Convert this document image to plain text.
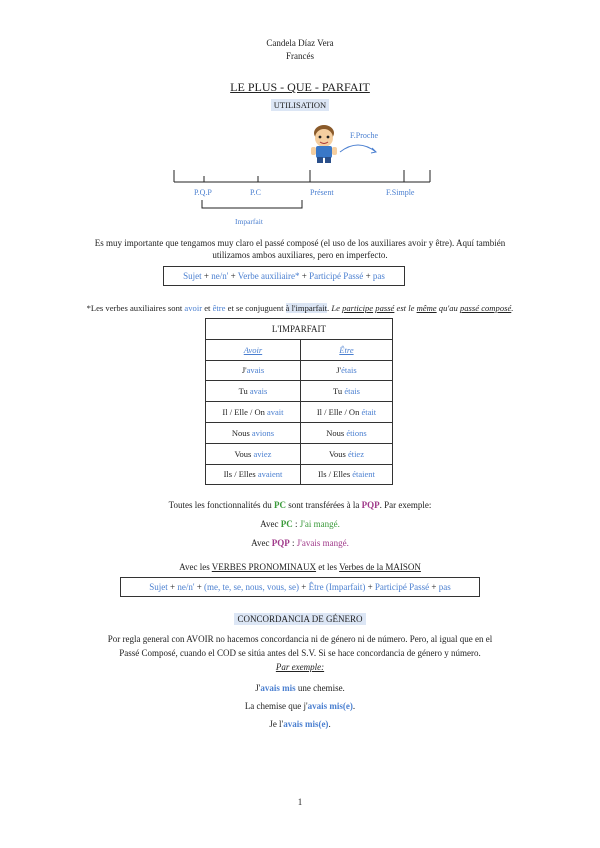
Candela Díaz Vera
Francés
LE PLUS - QUE - PARFAIT
UTILISATION
F.Proche
P.Q.P	P.C	Présent	F.Simple
Imparfait
Es muy importante que tengamos muy claro el passé composé (el uso de los auxiliares avoir y être). Aquí también
utilizamos ambos auxiliares, pero en imperfecto.
Sujet + ne/n' + Verbe auxiliaire* + Participé Passé + pas
*Les verbes auxiliaires sont avoir et être et se conjuguent à l'imparfait. Le participe passé est le même qu'au passé composé.
L'IMPARFAIT	
Avoir	Être
J'avais	J'étais
Tu avais	Tu étais
Il / Elle / On avait	Il / Elle / On était
Nous avions	Nous étions
Vous aviez	Vous étiez
Ils / Elles avaient	Ils / Elles étaient
Toutes les fonctionnalités du PC sont transférées à la PQP. Par exemple:
Avec PC : J'ai mangé.
Avec PQP : J'avais mangé.
Avec les VERBES PRONOMINAUX et les Verbes de la MAISON
Sujet + ne/n' + (me, te, se, nous, vous, se) + Être (Imparfait) + Participé Passé + pas
CONCORDANCIA DE GÉNERO
Por regla general con AVOIR no hacemos concordancia ni de género ni de número. Pero, al igual que en el
Passé Composé, cuando el COD se sitúa antes del S.V. Si se hace concordancia de género y número.
Par exemple:
J'avais mis une chemise.
La chemise que j'avais mis(e).
Je l'avais mis(e).
1
